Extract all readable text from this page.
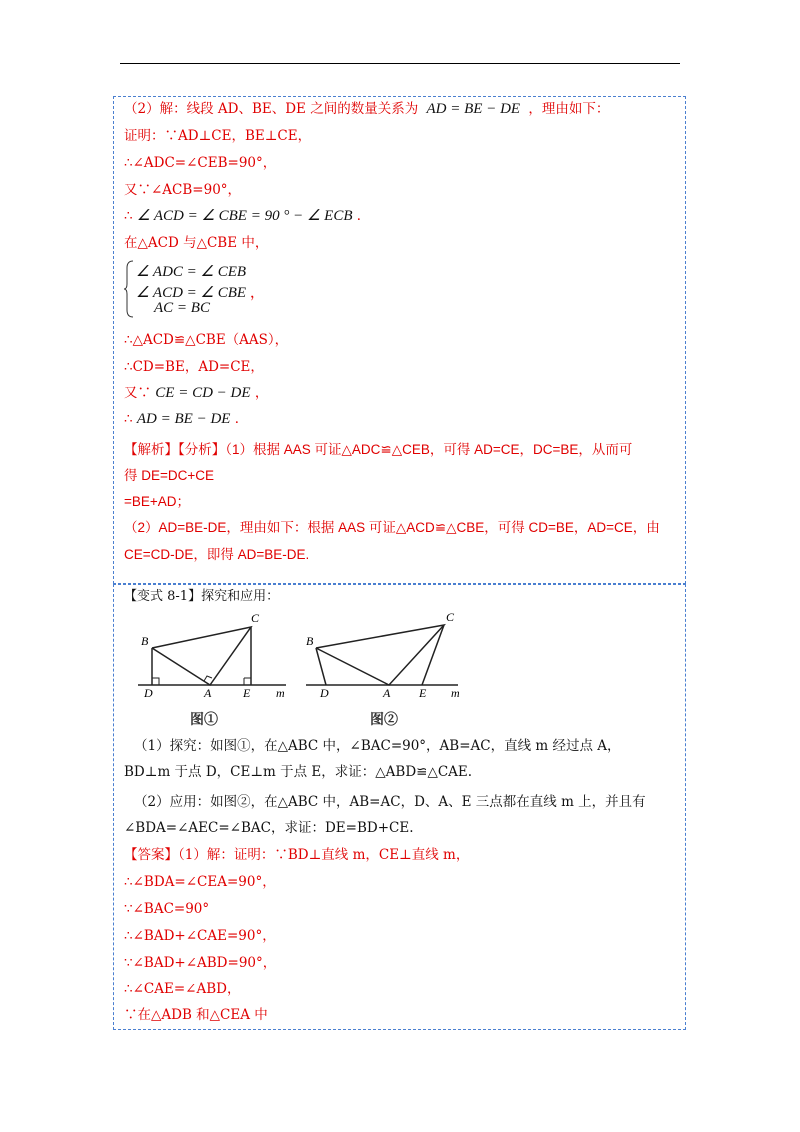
（2）解：线段 AD、BE、DE 之间的数量关系为 AD = BE − DE ，理由如下：
证明：∵AD⊥CE，BE⊥CE，
∴∠ADC=∠CEB=90°，
又∵∠ACB=90°，
∴ ∠ ACD = ∠ CBE = 90 ° − ∠ ECB ．
在△ACD 与△CBE 中，
∠ ADC = ∠ CEB
∠ ACD = ∠ CBE ，
AC = BC
∴△ACD≌△CBE（AAS），
∴CD=BE，AD=CE，
又∵ CE = CD − DE ，
∴ AD = BE − DE ．
【解析】【分析】（1）根据 AAS 可证△ADC≌△CEB，可得 AD=CE，DC=BE，从而可
得 DE=DC+CE
=BE+AD；
（2）AD=BE-DE，理由如下：根据 AAS 可证△ACD≌△CBE，可得 CD=BE，AD=CE，由
CE=CD-DE，即得 AD=BE-DE.
【变式 8-1】探究和应用：
B
C
D	A	E m
图①
B
C
D	A E m
图②
（1）探究：如图①，在△ABC 中，∠BAC=90°，AB=AC，直线 m 经过点 A，
BD⊥m 于点 D，CE⊥m 于点 E，求证：△ABD≌△CAE.
（2）应用：如图②，在△ABC 中，AB=AC，D、A、E 三点都在直线 m 上，并且有
∠BDA=∠AEC=∠BAC，求证：DE=BD+CE.
【答案】（1）解：证明：∵BD⊥直线 m，CE⊥直线 m，
∴∠BDA=∠CEA=90°，
∵∠BAC=90°
∴∠BAD+∠CAE=90°，
∵∠BAD+∠ABD=90°，
∴∠CAE=∠ABD，
∵在△ADB 和△CEA 中
